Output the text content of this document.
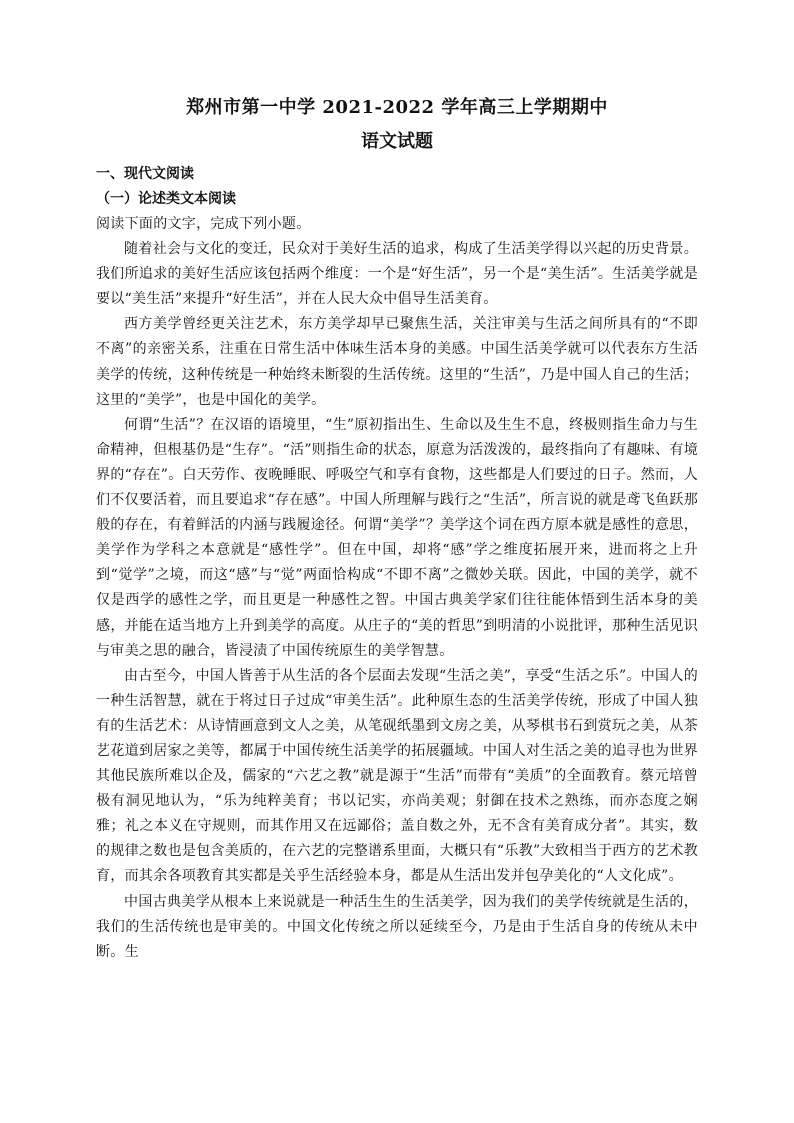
郑州市第一中学 2021-2022 学年高三上学期期中
语文试题

一、现代文阅读

（一）论述类文本阅读

阅读下面的文字，完成下列小题。

随着社会与文化的变迁，民众对于美好生活的追求，构成了生活美学得以兴起的历史背景。我们所追求的美好生活应该包括两个维度：一个是“好生活”，另一个是“美生活”。生活美学就是要以“美生活”来提升“好生活”，并在人民大众中倡导生活美育。

西方美学曾经更关注艺术，东方美学却早已聚焦生活，关注审美与生活之间所具有的“不即不离”的亲密关系，注重在日常生活中体味生活本身的美感。中国生活美学就可以代表东方生活美学的传统，这种传统是一种始终未断裂的生活传统。这里的“生活”，乃是中国人自己的生活；这里的“美学”，也是中国化的美学。

何谓“生活”？在汉语的语境里，“生”原初指出生、生命以及生生不息，终极则指生命力与生命精神，但根基仍是“生存”。“活”则指生命的状态，原意为活泼泼的，最终指向了有趣味、有境界的“存在”。白天劳作、夜晚睡眠、呼吸空气和享有食物，这些都是人们要过的日子。然而，人们不仅要活着，而且要追求“存在感”。中国人所理解与践行之“生活”，所言说的就是鸢飞鱼跃那般的存在，有着鲜活的内涵与践履途径。何谓“美学”？美学这个词在西方原本就是感性的意思，美学作为学科之本意就是“感性学”。但在中国，却将“感”学之维度拓展开来，进而将之上升到“觉学”之境，而这“感”与“觉”两面恰构成“不即不离”之微妙关联。因此，中国的美学，就不仅是西学的感性之学，而且更是一种感性之智。中国古典美学家们往往能体悟到生活本身的美感，并能在适当地方上升到美学的高度。从庄子的“美的哲思”到明清的小说批评，那种生活见识与审美之思的融合，皆浸渍了中国传统原生的美学智慧。

由古至今，中国人皆善于从生活的各个层面去发现“生活之美”，享受“生活之乐”。中国人的一种生活智慧，就在于将过日子过成“审美生活”。此种原生态的生活美学传统，形成了中国人独有的生活艺术：从诗情画意到文人之美，从笔砚纸墨到文房之美，从琴棋书石到赏玩之美，从茶艺花道到居家之美等，都属于中国传统生活美学的拓展疆域。中国人对生活之美的追寻也为世界其他民族所难以企及，儒家的“六艺之教”就是源于“生活”而带有“美质”的全面教育。蔡元培曾极有洞见地认为，“乐为纯粹美育；书以记实，亦尚美观；射御在技术之熟练，而亦态度之娴雅；礼之本义在守规则，而其作用又在远鄙俗；盖自数之外，无不含有美育成分者”。其实，数的规律之数也是包含美质的，在六艺的完整谱系里面，大概只有“乐教”大致相当于西方的艺术教育，而其余各项教育其实都是关乎生活经验本身，都是从生活出发并包孕美化的“人文化成”。

中国古典美学从根本上来说就是一种活生生的生活美学，因为我们的美学传统就是生活的，我们的生活传统也是审美的。中国文化传统之所以延续至今，乃是由于生活自身的传统从未中断。生
